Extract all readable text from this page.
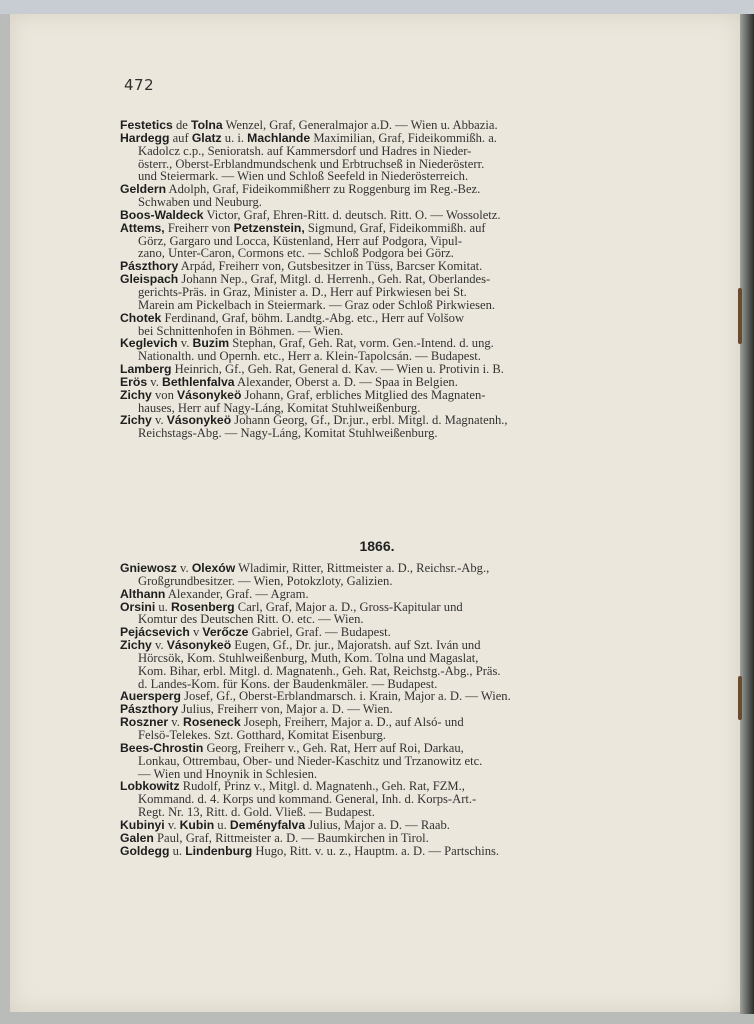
472
Festetics de Tolna Wenzel, Graf, Generalmajor a.D. — Wien u. Abbazia.
Hardegg auf Glatz u. i. Machlande Maximilian, Graf, Fideikommißh. a.
Kadolcz c.p., Senioratsh. auf Kammersdorf und Hadres in Nieder-
österr., Oberst-Erblandmundschenk und Erbtruchseß in Niederösterr.
und Steiermark. — Wien und Schloß Seefeld in Niederösterreich.
Geldern Adolph, Graf, Fideikommißherr zu Roggenburg im Reg.-Bez.
Schwaben und Neuburg.
Boos-Waldeck Victor, Graf, Ehren-Ritt. d. deutsch. Ritt. O. — Wossoletz.
Attems, Freiherr von Petzenstein, Sigmund, Graf, Fideikommißh. auf
Görz, Gargaro und Locca, Küstenland, Herr auf Podgora, Vipul-
zano, Unter-Caron, Cormons etc. — Schloß Podgora bei Görz.
Pászthory Arpád, Freiherr von, Gutsbesitzer in Tüss, Barcser Komitat.
Gleispach Johann Nep., Graf, Mitgl. d. Herrenh., Geh. Rat, Oberlandes-
gerichts-Präs. in Graz, Minister a. D., Herr auf Pirkwiesen bei St.
Marein am Pickelbach in Steiermark. — Graz oder Schloß Pirkwiesen.
Chotek Ferdinand, Graf, böhm. Landtg.-Abg. etc., Herr auf Volšow
bei Schnittenhofen in Böhmen. — Wien.
Keglevich v. Buzim Stephan, Graf, Geh. Rat, vorm. Gen.-Intend. d. ung.
Nationalth. und Opernh. etc., Herr a. Klein-Tapolcsán. — Budapest.
Lamberg Heinrich, Gf., Geh. Rat, General d. Kav. — Wien u. Protivin i. B.
Erös v. Bethlenfalva Alexander, Oberst a. D. — Spaa in Belgien.
Zichy von Vásonykeö Johann, Graf, erbliches Mitglied des Magnaten-
hauses, Herr auf Nagy-Láng, Komitat Stuhlweißenburg.
Zichy v. Vásonykeö Johann Georg, Gf., Dr.jur., erbl. Mitgl. d. Magnatenh.,
Reichstags-Abg. — Nagy-Láng, Komitat Stuhlweißenburg.
1866.
Gniewosz v. Olexów Wladimir, Ritter, Rittmeister a. D., Reichsr.-Abg.,
Großgrundbesitzer. — Wien, Potokzloty, Galizien.
Althann Alexander, Graf. — Agram.
Orsini u. Rosenberg Carl, Graf, Major a. D., Gross-Kapitular und
Komtur des Deutschen Ritt. O. etc. — Wien.
Pejácsevich v Verőcze Gabriel, Graf. — Budapest.
Zichy v. Vásonykeö Eugen, Gf., Dr. jur., Majoratsh. auf Szt. Iván und
Hörcsök, Kom. Stuhlweißenburg, Muth, Kom. Tolna und Magaslat,
Kom. Bihar, erbl. Mitgl. d. Magnatenh., Geh. Rat, Reichstg.-Abg., Präs.
d. Landes-Kom. für Kons. der Baudenkmäler. — Budapest.
Auersperg Josef, Gf., Oberst-Erblandmarsch. i. Krain, Major a. D. — Wien.
Pászthory Julius, Freiherr von, Major a. D. — Wien.
Roszner v. Roseneck Joseph, Freiherr, Major a. D., auf Alsó- und
Felsö-Telekes. Szt. Gotthard, Komitat Eisenburg.
Bees-Chrostin Georg, Freiherr v., Geh. Rat, Herr auf Roi, Darkau,
Lonkau, Ottrembau, Ober- und Nieder-Kaschitz und Trzanowitz etc.
— Wien und Hnoynik in Schlesien.
Lobkowitz Rudolf, Prinz v., Mitgl. d. Magnatenh., Geh. Rat, FZM.,
Kommand. d. 4. Korps und kommand. General, Inh. d. Korps-Art.-
Regt. Nr. 13, Ritt. d. Gold. Vließ. — Budapest.
Kubinyi v. Kubin u. Deményfalva Julius, Major a. D. — Raab.
Galen Paul, Graf, Rittmeister a. D. — Baumkirchen in Tirol.
Goldegg u. Lindenburg Hugo, Ritt. v. u. z., Hauptm. a. D. — Partschins.
